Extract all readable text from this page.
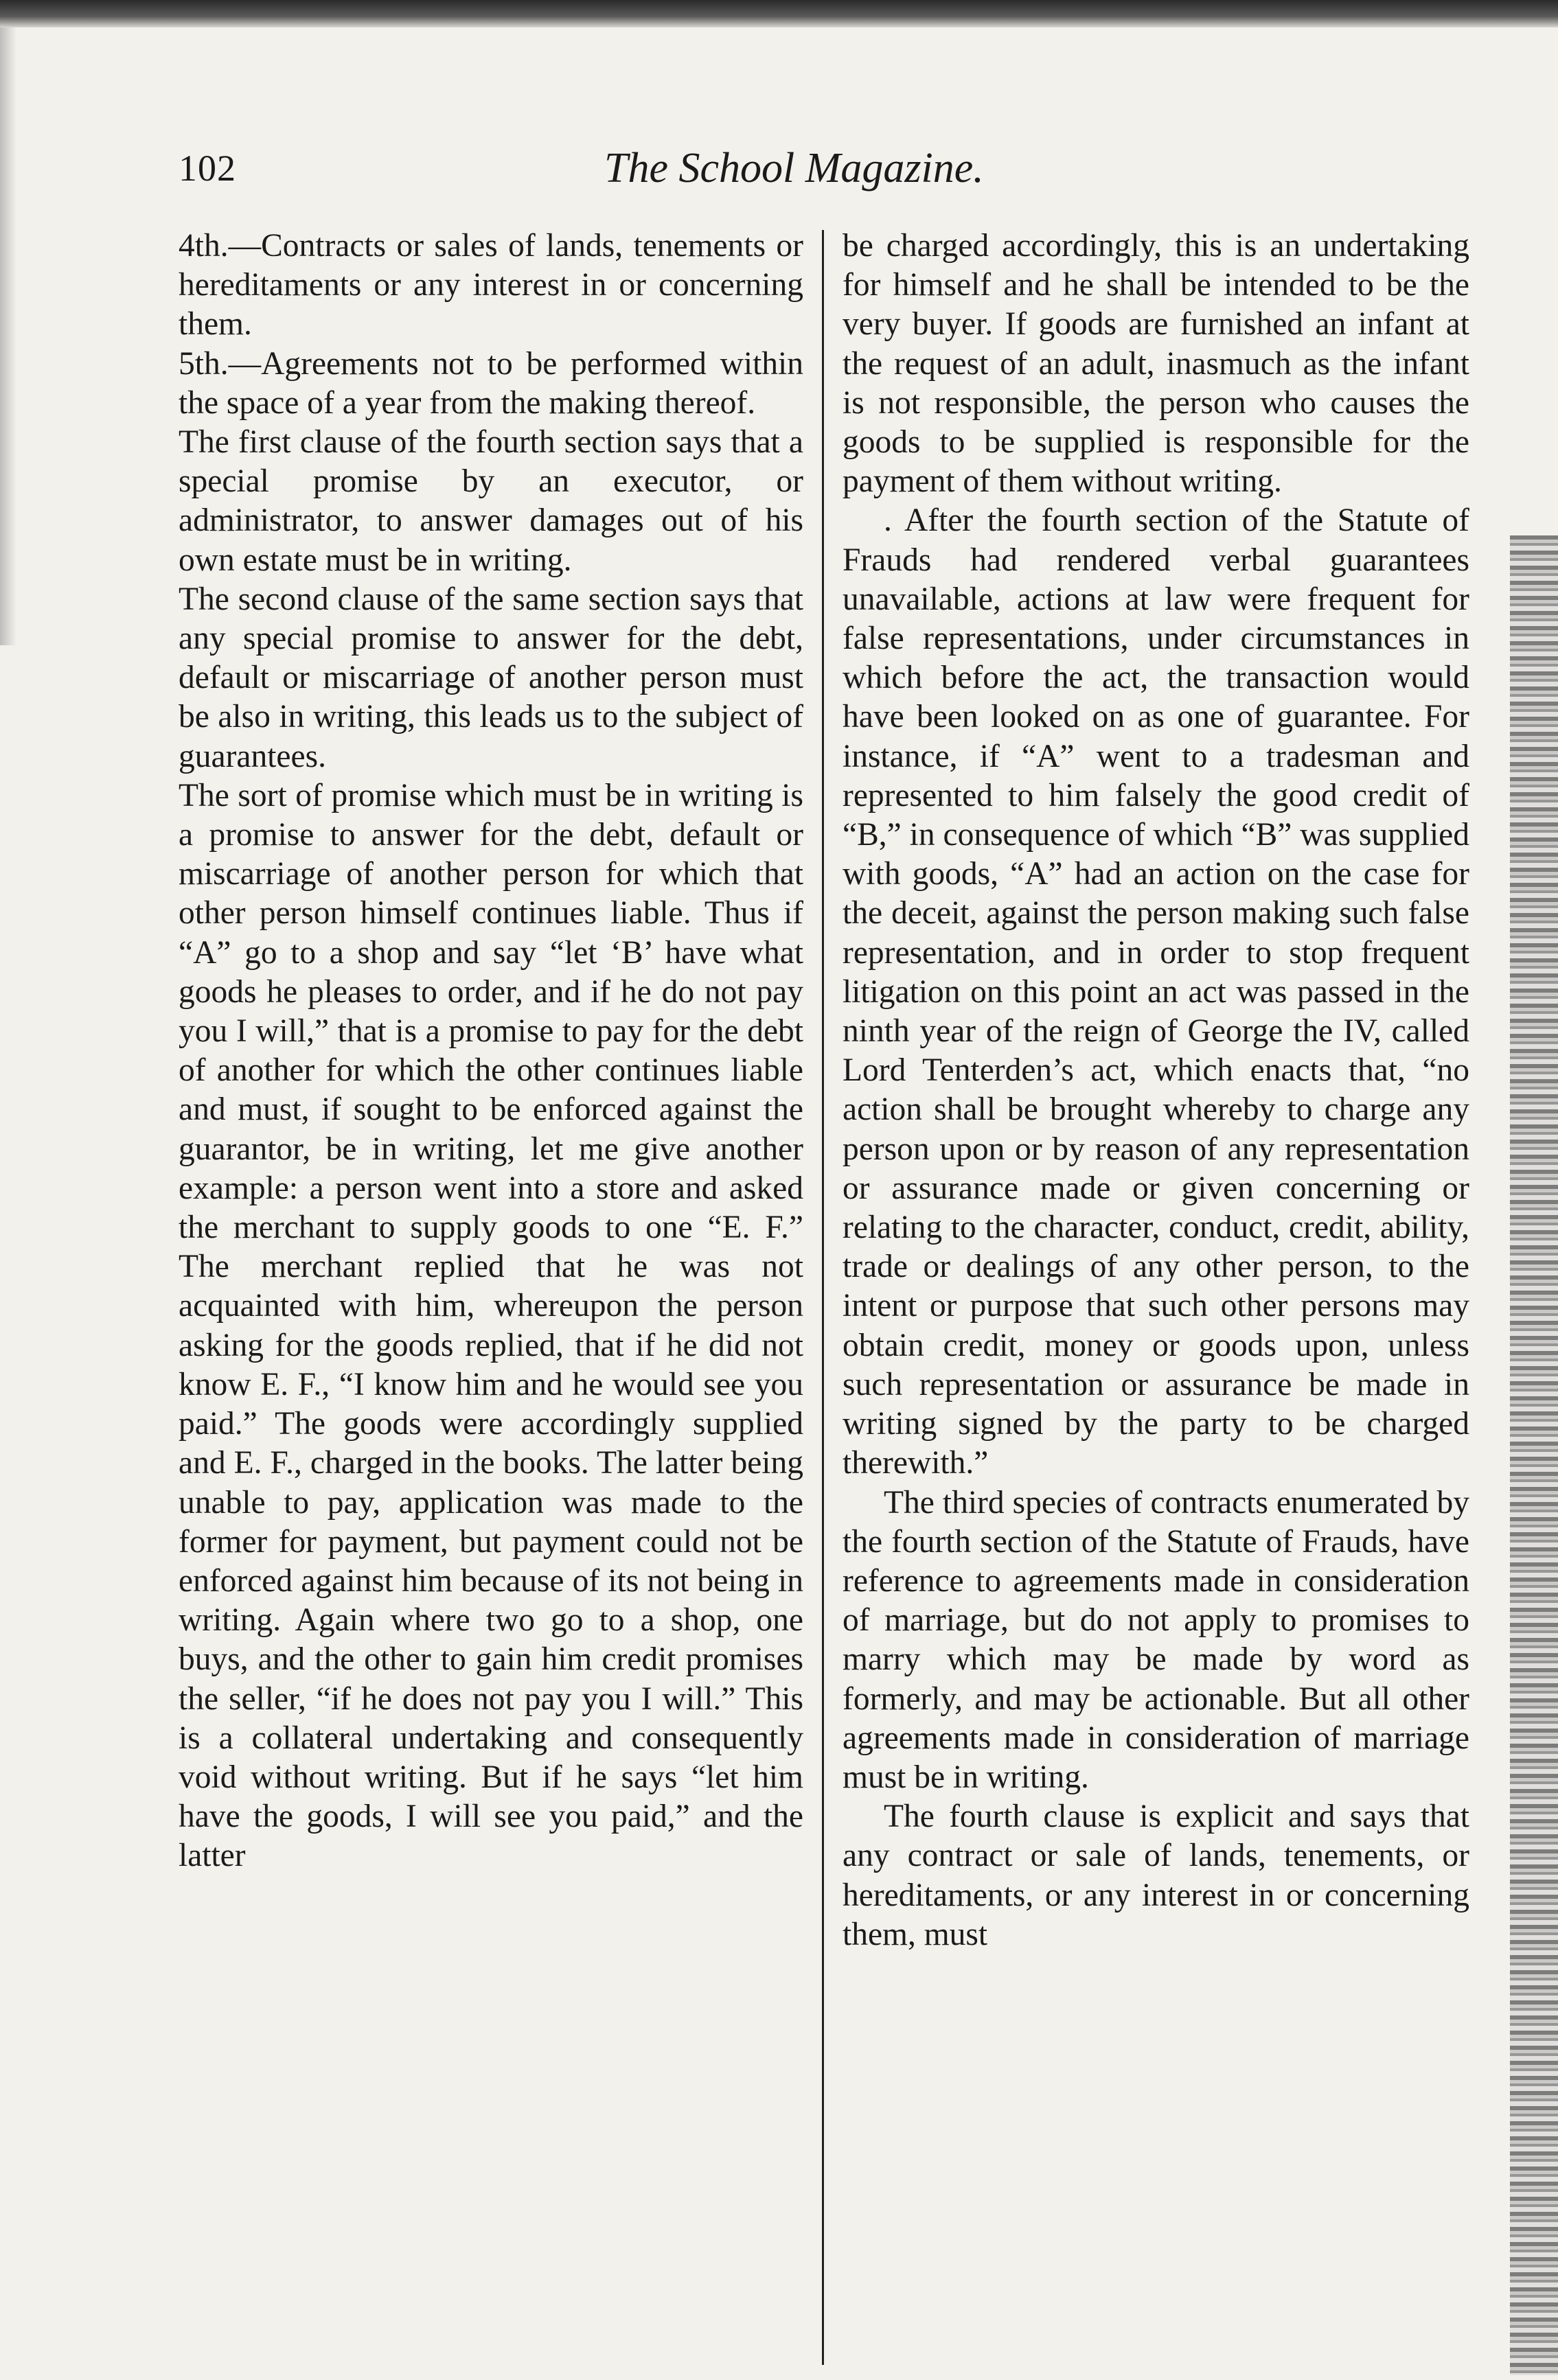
102	The School Magazine.

4th.—Contracts or sales of lands, tenements or hereditaments or any interest in or concerning them.

5th.—Agreements not to be performed within the space of a year from the making thereof.

The first clause of the fourth section says that a special promise by an executor, or administrator, to answer damages out of his own estate must be in writing.

The second clause of the same section says that any special promise to answer for the debt, default or miscarriage of another person must be also in writing, this leads us to the subject of guarantees.

The sort of promise which must be in writing is a promise to answer for the debt, default or miscarriage of another person for which that other person himself continues liable. Thus if “A” go to a shop and say “let ‘B’ have what goods he pleases to order, and if he do not pay you I will,” that is a promise to pay for the debt of another for which the other continues liable and must, if sought to be enforced against the guarantor, be in writing, let me give another example: a person went into a store and asked the merchant to supply goods to one “E. F.” The merchant replied that he was not acquainted with him, whereupon the person asking for the goods replied, that if he did not know E. F., “I know him and he would see you paid.” The goods were accordingly supplied and E. F., charged in the books. The latter being unable to pay, application was made to the former for payment, but payment could not be enforced against him because of its not being in writing. Again where two go to a shop, one buys, and the other to gain him credit promises the seller, “if he does not pay you I will.” This is a collateral undertaking and consequently void without writing. But if he says “let him have the goods, I will see you paid,” and the latter

be charged accordingly, this is an undertaking for himself and he shall be intended to be the very buyer. If goods are furnished an infant at the request of an adult, inasmuch as the infant is not responsible, the person who causes the goods to be supplied is responsible for the payment of them without writing.

. After the fourth section of the Statute of Frauds had rendered verbal guarantees unavailable, actions at law were frequent for false representations, under circumstances in which before the act, the transaction would have been looked on as one of guarantee. For instance, if “A” went to a tradesman and represented to him falsely the good credit of “B,” in consequence of which “B” was supplied with goods, “A” had an action on the case for the deceit, against the person making such false representation, and in order to stop frequent litigation on this point an act was passed in the ninth year of the reign of George the IV, called Lord Tenterden’s act, which enacts that, “no action shall be brought whereby to charge any person upon or by reason of any representation or assurance made or given concerning or relating to the character, conduct, credit, ability, trade or dealings of any other person, to the intent or purpose that such other persons may obtain credit, money or goods upon, unless such representation or assurance be made in writing signed by the party to be charged therewith.”

The third species of contracts enumerated by the fourth section of the Statute of Frauds, have reference to agreements made in consideration of marriage, but do not apply to promises to marry which may be made by word as formerly, and may be actionable. But all other agreements made in consideration of marriage must be in writing.

The fourth clause is explicit and says that any contract or sale of lands, tenements, or hereditaments, or any interest in or concerning them, must
